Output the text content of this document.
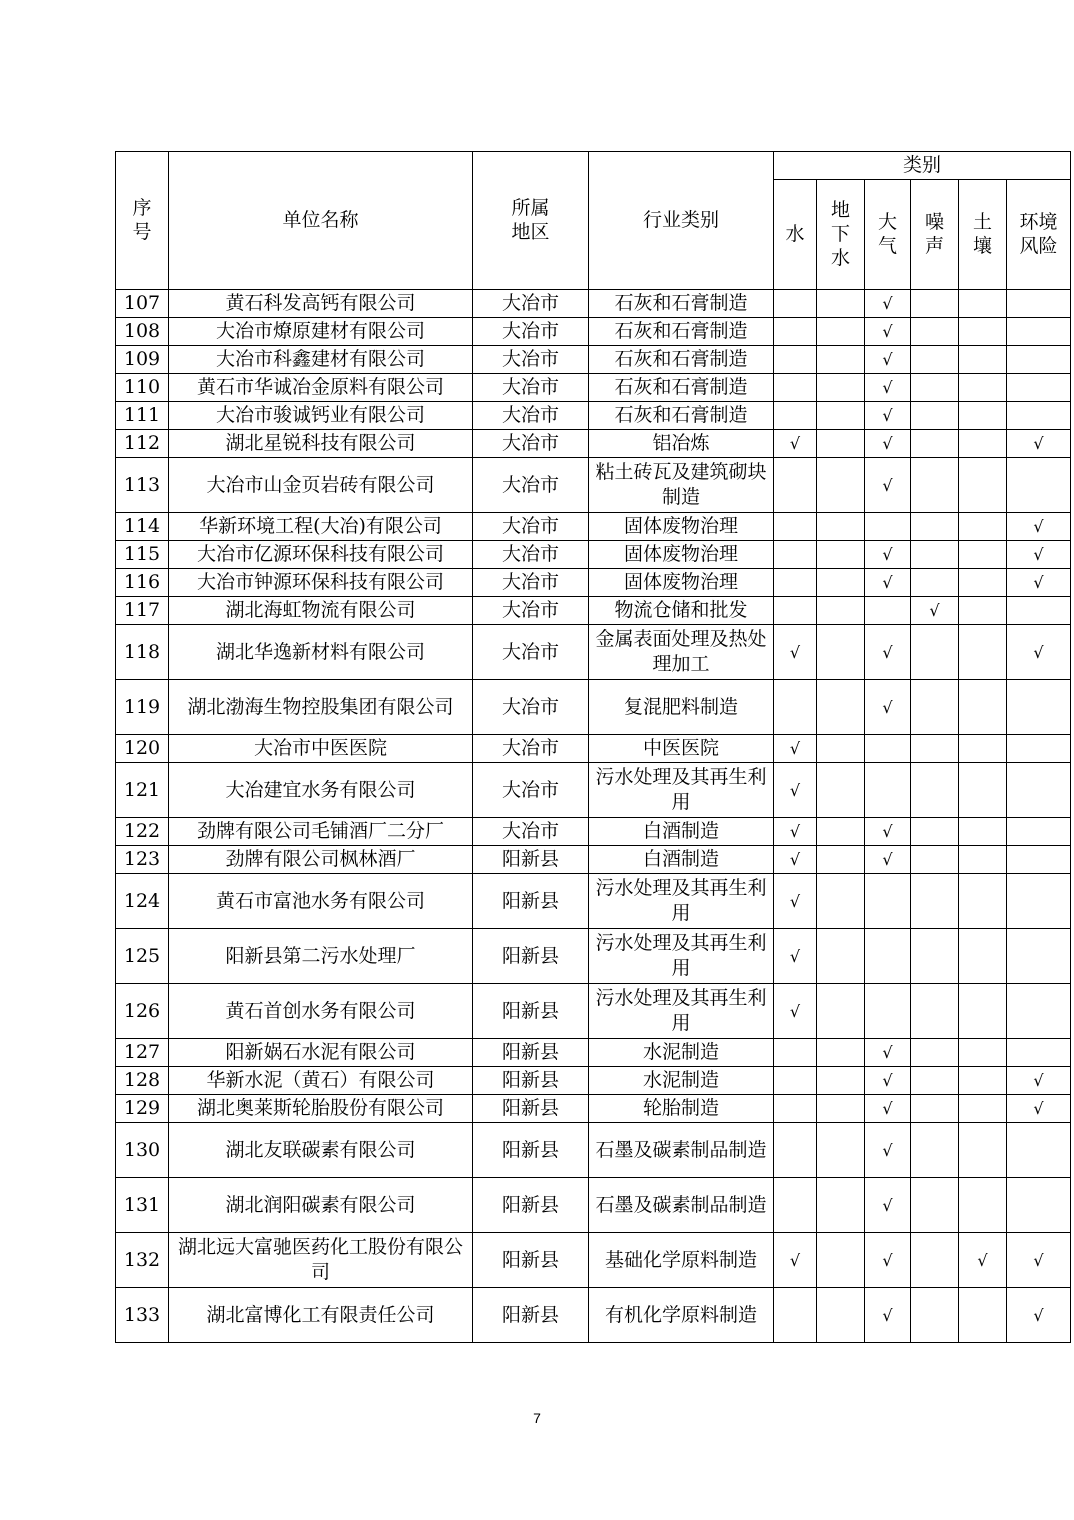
序号	单位名称	所属地区	行业类别	类别					
				水	地下水	大气	噪声	土壤	环境风险

107	黄石科发高钙有限公司	大冶市	石灰和石膏制造			√			

108	大冶市燎原建材有限公司	大冶市	石灰和石膏制造			√			

109	大冶市科鑫建材有限公司	大冶市	石灰和石膏制造			√			

110	黄石市华诚冶金原料有限公司	大冶市	石灰和石膏制造			√			

111	大冶市骏诚钙业有限公司	大冶市	石灰和石膏制造			√			

112	湖北星锐科技有限公司	大冶市	铝冶炼	√		√			√

113	大冶市山金页岩砖有限公司	大冶市	粘土砖瓦及建筑砌块制造			√			

114	华新环境工程(大冶)有限公司	大冶市	固体废物治理						√

115	大冶市亿源环保科技有限公司	大冶市	固体废物治理			√			√

116	大冶市钟源环保科技有限公司	大冶市	固体废物治理			√			√

117	湖北海虹物流有限公司	大冶市	物流仓储和批发				√		

118	湖北华逸新材料有限公司	大冶市	金属表面处理及热处理加工	√		√			√

119	湖北渤海生物控股集团有限公司	大冶市	复混肥料制造			√			

120	大冶市中医医院	大冶市	中医医院	√					

121	大冶建宜水务有限公司	大冶市	污水处理及其再生利用	√					

122	劲牌有限公司毛铺酒厂二分厂	大冶市	白酒制造	√		√			

123	劲牌有限公司枫林酒厂	阳新县	白酒制造	√		√			

124	黄石市富池水务有限公司	阳新县	污水处理及其再生利用	√					

125	阳新县第二污水处理厂	阳新县	污水处理及其再生利用	√					

126	黄石首创水务有限公司	阳新县	污水处理及其再生利用	√					

127	阳新娲石水泥有限公司	阳新县	水泥制造			√			

128	华新水泥（黄石）有限公司	阳新县	水泥制造			√			√

129	湖北奥莱斯轮胎股份有限公司	阳新县	轮胎制造			√			√

130	湖北友联碳素有限公司	阳新县	石墨及碳素制品制造			√			

131	湖北润阳碳素有限公司	阳新县	石墨及碳素制品制造			√			

132	湖北远大富驰医药化工股份有限公司	阳新县	基础化学原料制造	√		√		√	√

133	湖北富博化工有限责任公司	阳新县	有机化学原料制造			√			√
7
